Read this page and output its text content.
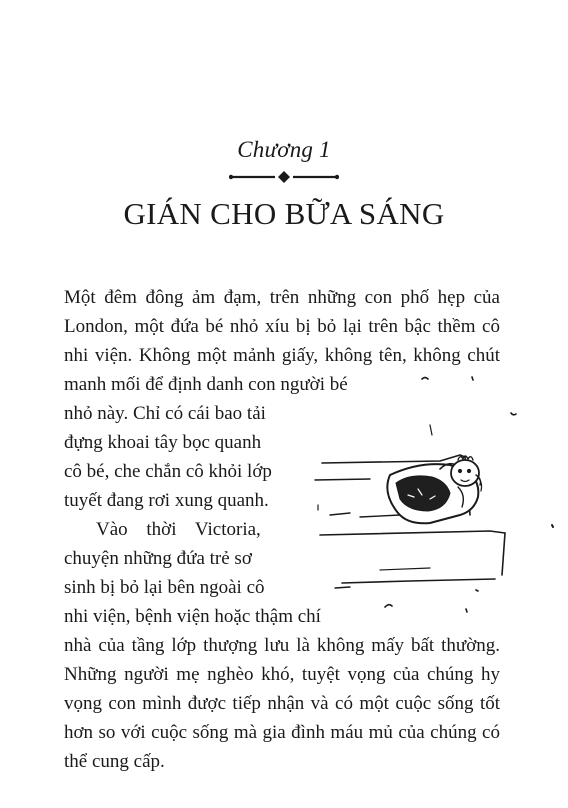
Chương 1
GIÁN CHO BỮA SÁNG
Một đêm đông ảm đạm, trên những con phố hẹp của
London, một đứa bé nhỏ xíu bị bỏ lại trên bậc thềm cô
nhi viện. Không một mảnh giấy, không tên, không chút
manh mối để định danh con người bé
nhỏ này. Chỉ có cái bao tải
đựng khoai tây bọc quanh
cô bé, che chắn cô khỏi lớp
tuyết đang rơi xung quanh.
Vào thời Victoria,
chuyện những đứa trẻ sơ
sinh bị bỏ lại bên ngoài cô
nhi viện, bệnh viện hoặc thậm chí
nhà của tầng lớp thượng lưu là không mấy bất thường.
Những người mẹ nghèo khó, tuyệt vọng của chúng hy
vọng con mình được tiếp nhận và có một cuộc sống tốt
hơn so với cuộc sống mà gia đình máu mủ của chúng có
thể cung cấp.
